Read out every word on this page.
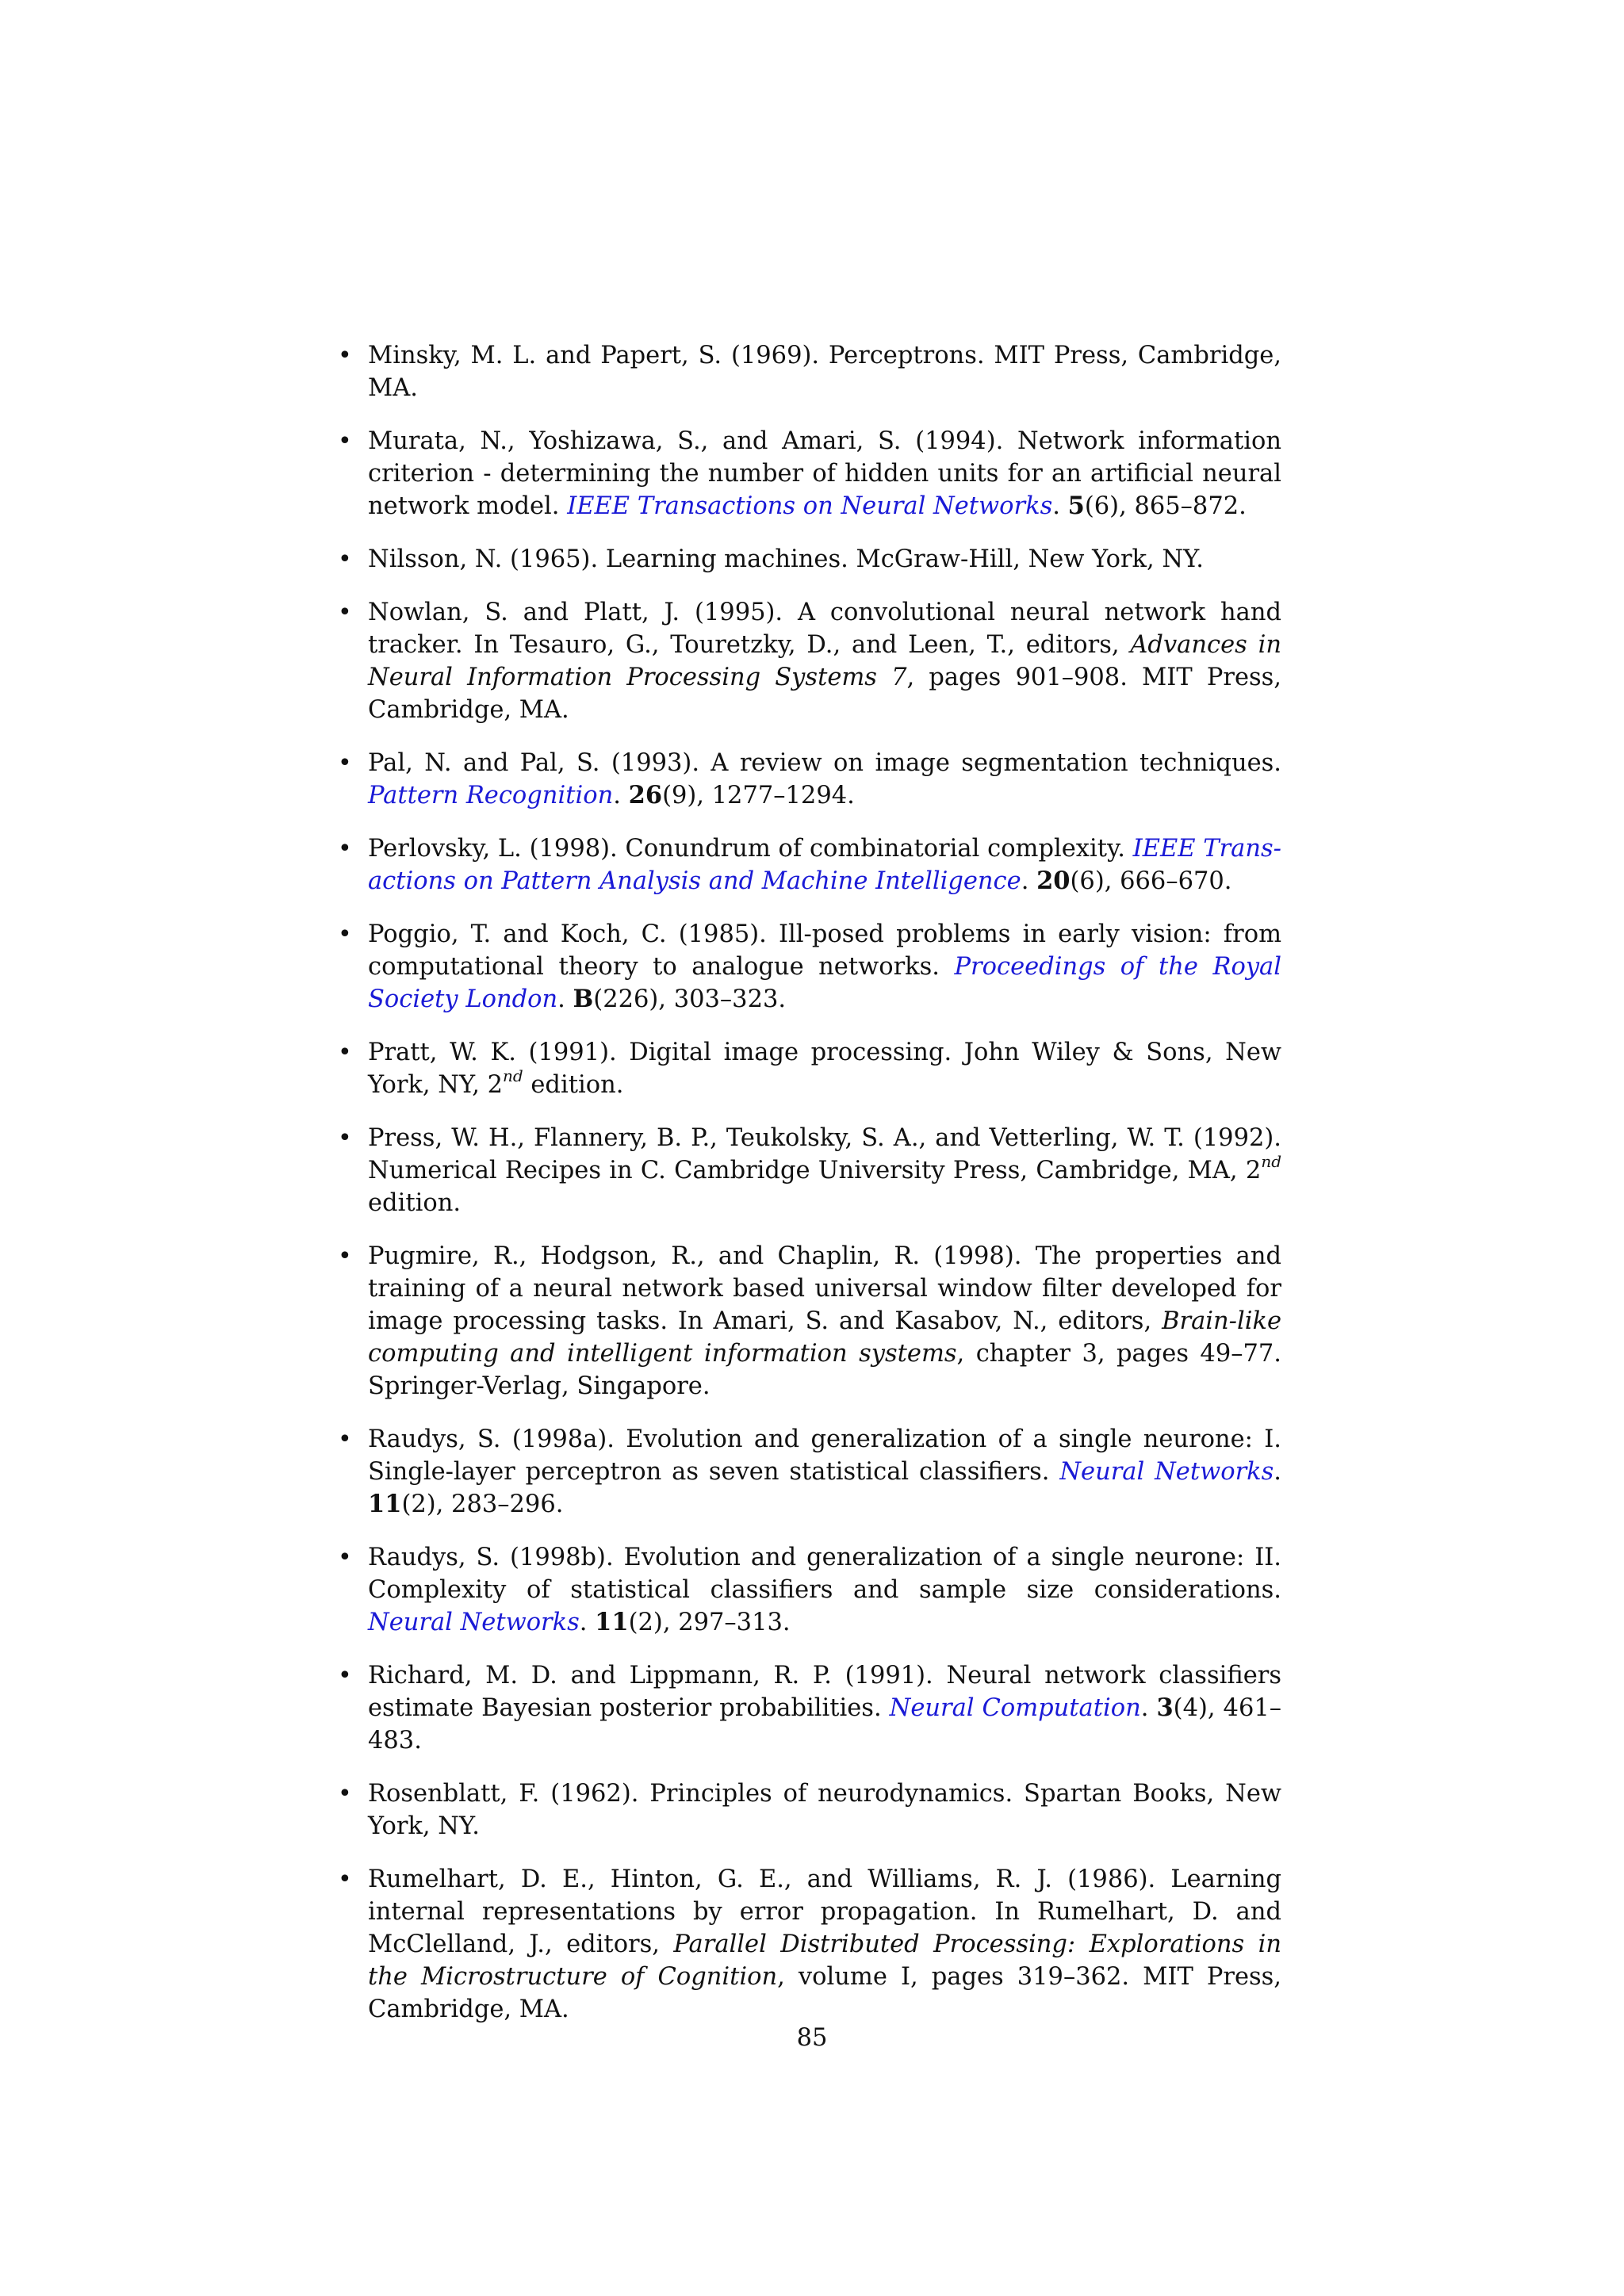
• Minsky, M. L. and Papert, S. (1969). Perceptrons. MIT Press, Cambridge, MA.
• Murata, N., Yoshizawa, S., and Amari, S. (1994). Network information criterion - determining the number of hidden units for an artificial neural network model. IEEE Transactions on Neural Networks. 5(6), 865–872.
• Nilsson, N. (1965). Learning machines. McGraw-Hill, New York, NY.
• Nowlan, S. and Platt, J. (1995). A convolutional neural network hand tracker. In Tesauro, G., Touretzky, D., and Leen, T., editors, Advances in Neural Information Processing Systems 7, pages 901–908. MIT Press, Cambridge, MA.
• Pal, N. and Pal, S. (1993). A review on image segmentation techniques. Pattern Recognition. 26(9), 1277–1294.
• Perlovsky, L. (1998). Conundrum of combinatorial complexity. IEEE Transactions on Pattern Analysis and Machine Intelligence. 20(6), 666–670.
• Poggio, T. and Koch, C. (1985). Ill-posed problems in early vision: from computational theory to analogue networks. Proceedings of the Royal Society London. B(226), 303–323.
• Pratt, W. K. (1991). Digital image processing. John Wiley & Sons, New York, NY, 2nd edition.
• Press, W. H., Flannery, B. P., Teukolsky, S. A., and Vetterling, W. T. (1992). Numerical Recipes in C. Cambridge University Press, Cambridge, MA, 2nd edition.
• Pugmire, R., Hodgson, R., and Chaplin, R. (1998). The properties and training of a neural network based universal window filter developed for image processing tasks. In Amari, S. and Kasabov, N., editors, Brain-like computing and intelligent information systems, chapter 3, pages 49–77. Springer-Verlag, Singapore.
• Raudys, S. (1998a). Evolution and generalization of a single neurone: I. Single-layer perceptron as seven statistical classifiers. Neural Networks. 11(2), 283–296.
• Raudys, S. (1998b). Evolution and generalization of a single neurone: II. Complexity of statistical classifiers and sample size considerations. Neural Networks. 11(2), 297–313.
• Richard, M. D. and Lippmann, R. P. (1991). Neural network classifiers estimate Bayesian posterior probabilities. Neural Computation. 3(4), 461–483.
• Rosenblatt, F. (1962). Principles of neurodynamics. Spartan Books, New York, NY.
• Rumelhart, D. E., Hinton, G. E., and Williams, R. J. (1986). Learning internal representations by error propagation. In Rumelhart, D. and McClelland, J., editors, Parallel Distributed Processing: Explorations in the Microstructure of Cognition, volume I, pages 319–362. MIT Press, Cambridge, MA.
85
